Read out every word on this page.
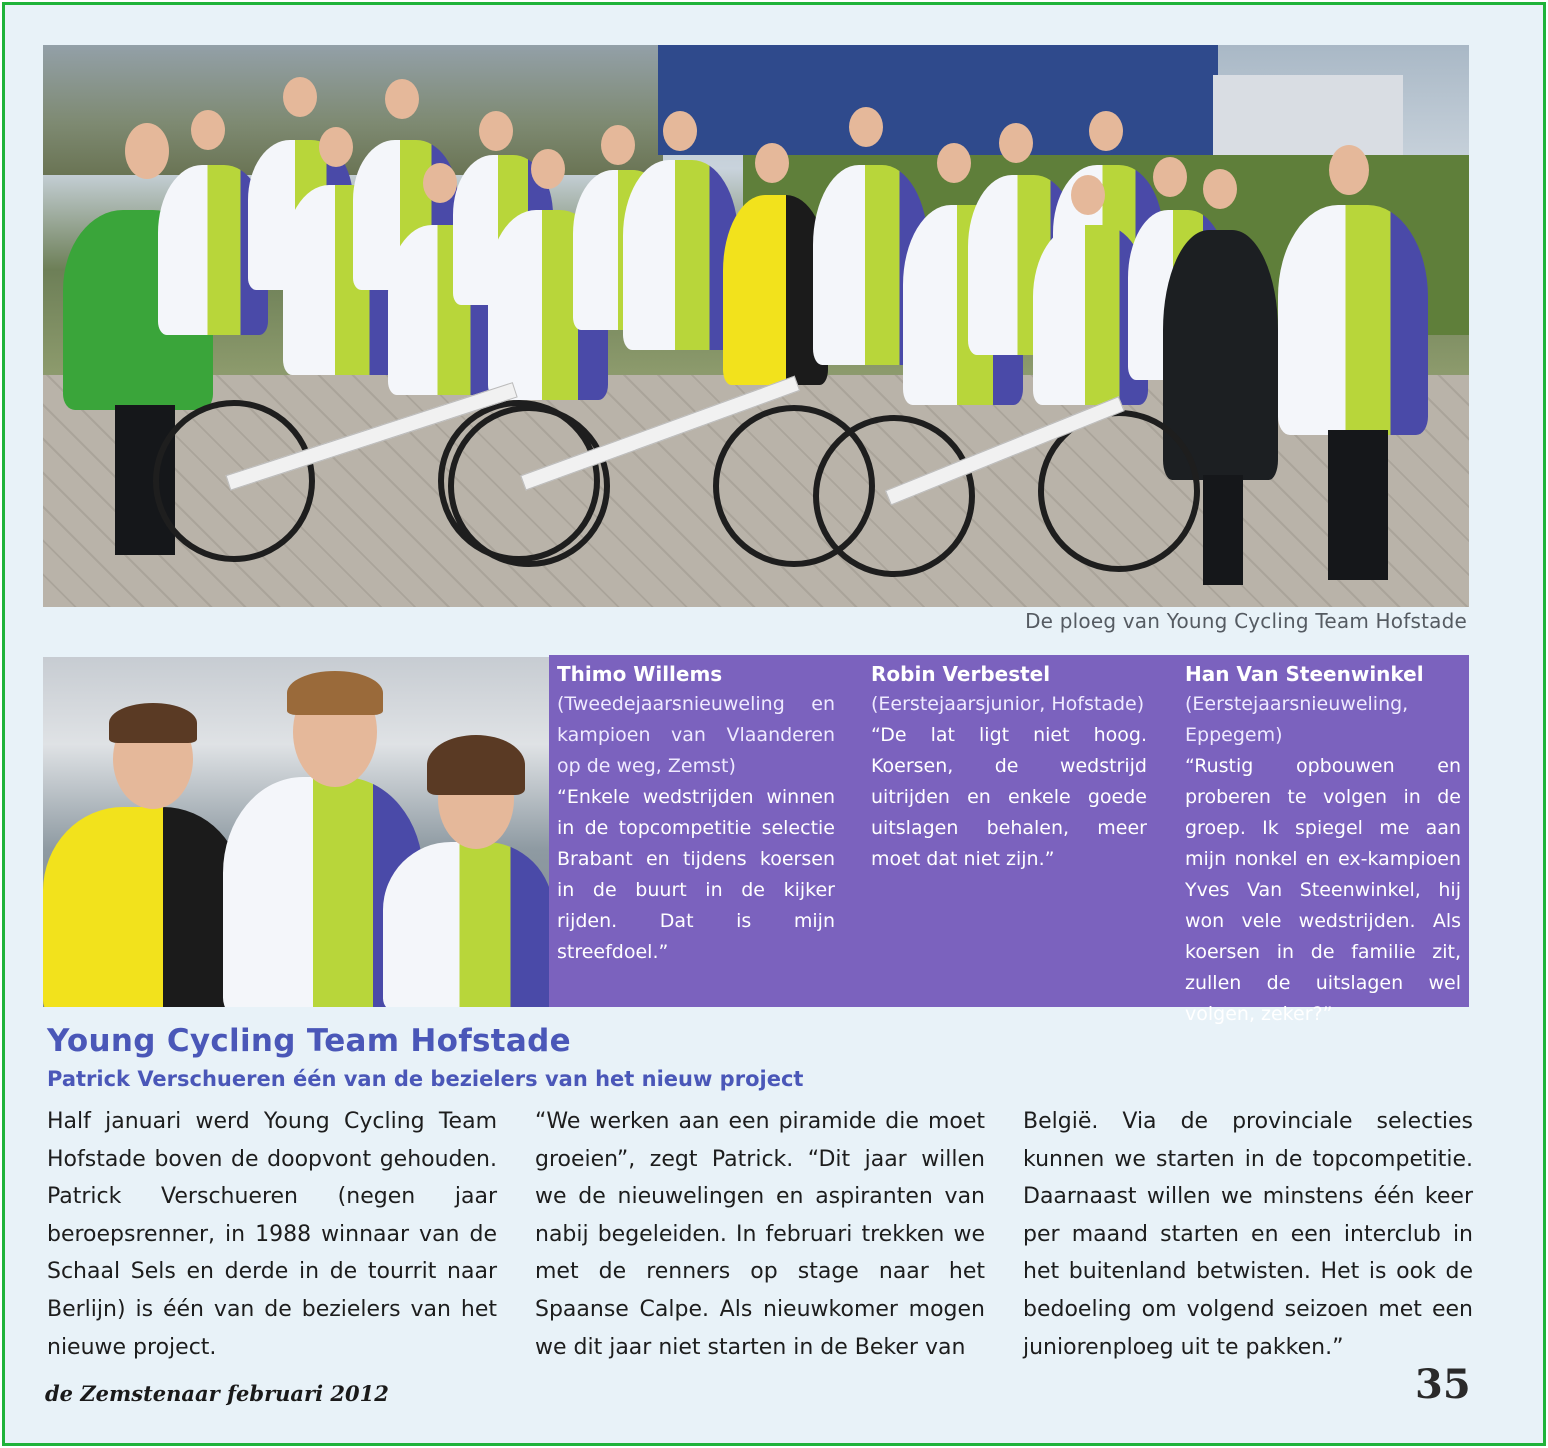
De ploeg van Young Cycling Team Hofstade
Thimo Willems
(Tweedejaarsnieuweling en kampioen van Vlaanderen op de weg, Zemst)
“Enkele wedstrijden winnen in de topcompetitie selectie Brabant en tijdens koersen in de buurt in de kijker rijden. Dat is mijn streefdoel.”
Robin Verbestel
(Eerstejaarsjunior, Hofstade)
“De lat ligt niet hoog. Koersen, de wedstrijd uitrijden en enkele goede uitslagen behalen, meer moet dat niet zijn.”
Han Van Steenwinkel
(Eerstejaarsnieuweling, Eppegem)
“Rustig opbouwen en proberen te volgen in de groep. Ik spiegel me aan mijn nonkel en ex-kampioen Yves Van Steenwinkel, hij won vele wedstrijden. Als koersen in de familie zit, zullen de uitslagen wel volgen, zeker?”
Young Cycling Team Hofstade
Patrick Verschueren één van de bezielers van het nieuw project
Half januari werd Young Cycling Team Hofstade boven de doopvont gehouden. Patrick Verschueren (negen jaar beroepsrenner, in 1988 winnaar van de Schaal Sels en derde in de tourrit naar Berlijn) is één van de bezielers van het nieuwe project.
“We werken aan een piramide die moet groeien”, zegt Patrick. “Dit jaar willen we de nieuwelingen en aspiranten van nabij begeleiden. In februari trekken we met de renners op stage naar het Spaanse Calpe. Als nieuwkomer mogen we dit jaar niet starten in de Beker van
België. Via de provinciale selecties kunnen we starten in de topcompetitie. Daarnaast willen we minstens één keer per maand starten en een interclub in het buitenland betwisten. Het is ook de bedoeling om volgend seizoen met een juniorenploeg uit te pakken.”
de Zemstenaar februari 2012	35
